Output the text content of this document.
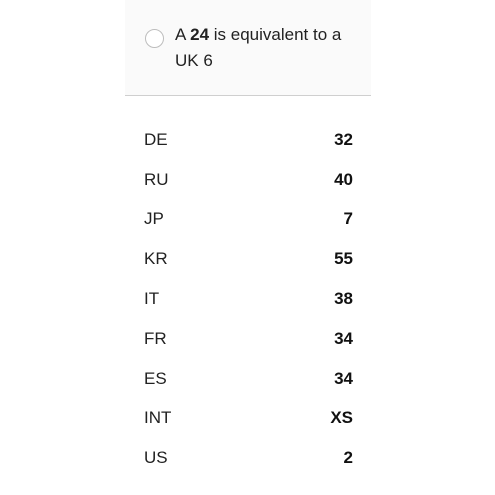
A 24 is equivalent to a
UK 6
DE	32
RU	40
JP	7
KR	55
IT	38
FR	34
ES	34
INT	XS
US	2
